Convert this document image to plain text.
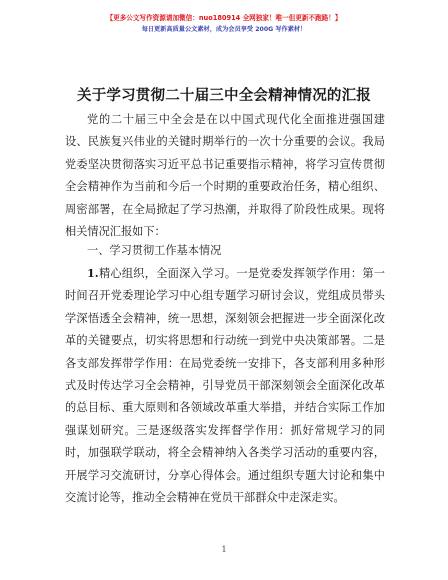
【更多公文写作资源请加微信：nuo180914 全网独家！唯一但更新不跑路！】
每日更新高质量公文素材，成为会员享受 200G 写作素材！
关于学习贯彻二十届三中全会精神情况的汇报

党的二十届三中全会是在以中国式现代化全面推进强国建设、民族复兴伟业的关键时期举行的一次十分重要的会议。我局党委坚决贯彻落实习近平总书记重要指示精神，将学习宣传贯彻全会精神作为当前和今后一个时期的重要政治任务，精心组织、周密部署，在全局掀起了学习热潮，并取得了阶段性成果。现将相关情况汇报如下：

一、学习贯彻工作基本情况

1.精心组织，全面深入学习。一是党委发挥领学作用：第一时间召开党委理论学习中心组专题学习研讨会议，党组成员带头学深悟透全会精神，统一思想，深刻领会把握进一步全面深化改革的关键要点，切实将思想和行动统一到党中央决策部署。二是各支部发挥带学作用：在局党委统一安排下，各支部利用多种形式及时传达学习全会精神，引导党员干部深刻领会全面深化改革的总目标、重大原则和各领域改革重大举措，并结合实际工作加强谋划研究。三是逐级落实发挥督学作用：抓好常规学习的同时，加强联学联动，将全会精神纳入各类学习活动的重要内容，开展学习交流研讨，分享心得体会。通过组织专题大讨论和集中交流讨论等，推动全会精神在党员干部群众中走深走实。

1
